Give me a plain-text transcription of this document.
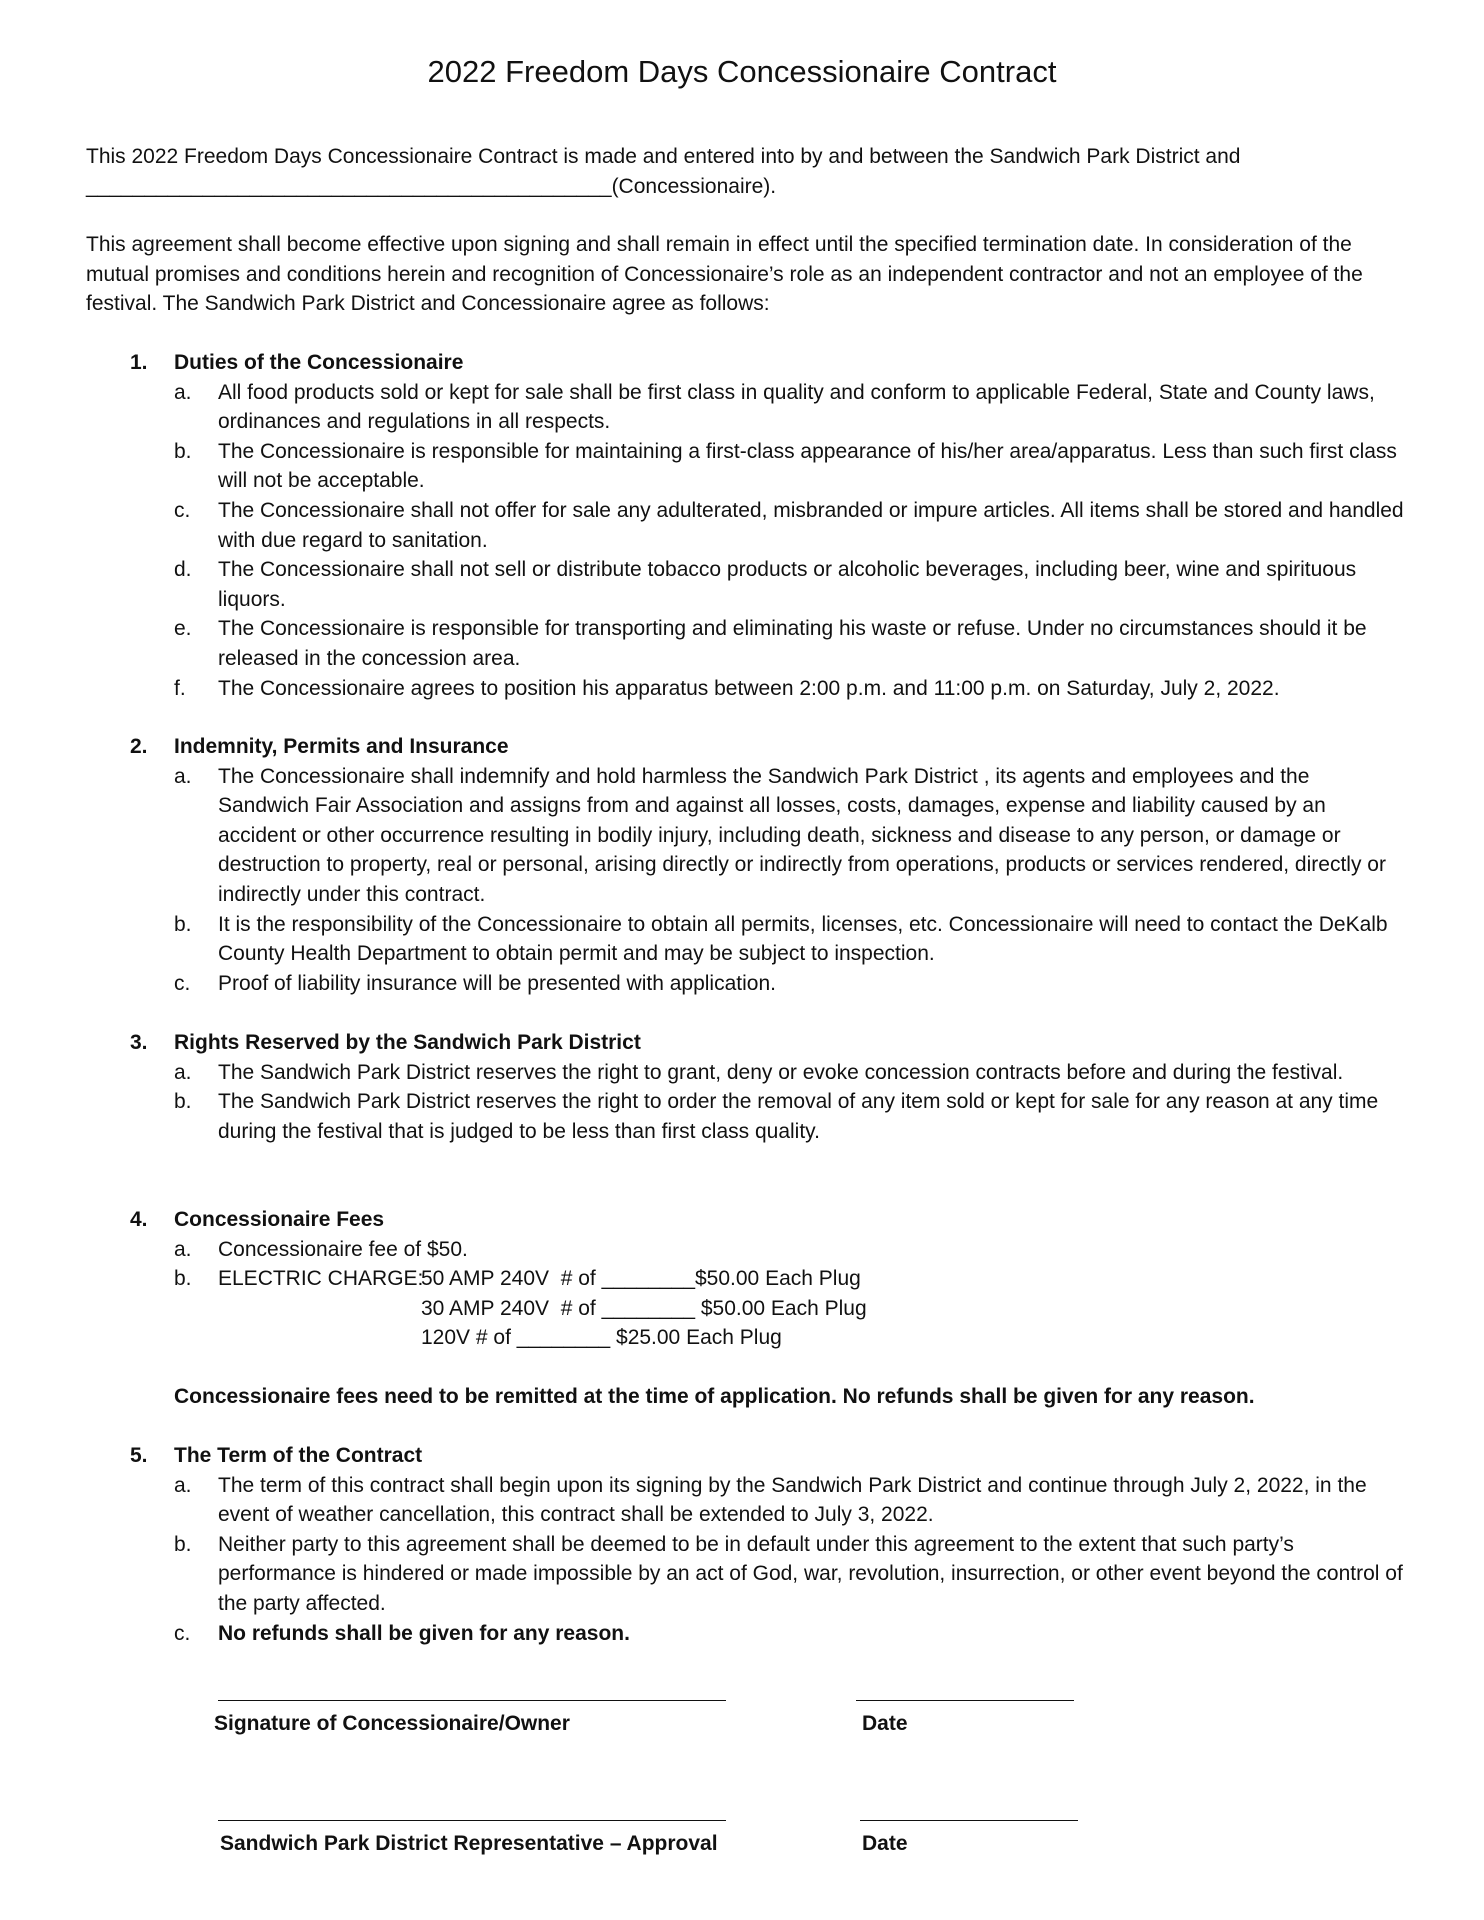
2022 Freedom Days Concessionaire Contract
This 2022 Freedom Days Concessionaire Contract is made and entered into by and between the Sandwich Park District and
_____________________________________________(Concessionaire).
This agreement shall become effective upon signing and shall remain in effect until the specified termination date. In consideration of the mutual promises and conditions herein and recognition of Concessionaire’s role as an independent contractor and not an employee of the festival. The Sandwich Park District and Concessionaire agree as follows:
1.	Duties of the Concessionaire
a. All food products sold or kept for sale shall be first class in quality and conform to applicable Federal, State and County laws, ordinances and regulations in all respects.
b. The Concessionaire is responsible for maintaining a first-class appearance of his/her area/apparatus. Less than such first class will not be acceptable.
c. The Concessionaire shall not offer for sale any adulterated, misbranded or impure articles. All items shall be stored and handled with due regard to sanitation.
d. The Concessionaire shall not sell or distribute tobacco products or alcoholic beverages, including beer, wine and spirituous liquors.
e. The Concessionaire is responsible for transporting and eliminating his waste or refuse. Under no circumstances should it be released in the concession area.
f. The Concessionaire agrees to position his apparatus between 2:00 p.m. and 11:00 p.m. on Saturday, July 2, 2022.
2.	Indemnity, Permits and Insurance
a. The Concessionaire shall indemnify and hold harmless the Sandwich Park District , its agents and employees and the Sandwich Fair Association and assigns from and against all losses, costs, damages, expense and liability caused by an accident or other occurrence resulting in bodily injury, including death, sickness and disease to any person, or damage or destruction to property, real or personal, arising directly or indirectly from operations, products or services rendered, directly or indirectly under this contract.
b. It is the responsibility of the Concessionaire to obtain all permits, licenses, etc. Concessionaire will need to contact the DeKalb County Health Department to obtain permit and may be subject to inspection.
c. Proof of liability insurance will be presented with application.
3.	Rights Reserved by the Sandwich Park District
a. The Sandwich Park District reserves the right to grant, deny or evoke concession contracts before and during the festival.
b. The Sandwich Park District reserves the right to order the removal of any item sold or kept for sale for any reason at any time during the festival that is judged to be less than first class quality.
4.	Concessionaire Fees
a. Concessionaire fee of $50.
b. ELECTRIC CHARGE:
50 AMP 240V  # of ________$50.00 Each Plug
30 AMP 240V  # of ________ $50.00 Each Plug
120V # of ________ $25.00 Each Plug
Concessionaire fees need to be remitted at the time of application. No refunds shall be given for any reason.
5.	The Term of the Contract
a. The term of this contract shall begin upon its signing by the Sandwich Park District and continue through July 2, 2022, in the event of weather cancellation, this contract shall be extended to July 3, 2022.
b. Neither party to this agreement shall be deemed to be in default under this agreement to the extent that such party’s performance is hindered or made impossible by an act of God, war, revolution, insurrection, or other event beyond the control of the party affected.
c. No refunds shall be given for any reason.
Signature of Concessionaire/Owner	Date
Sandwich Park District Representative – Approval	Date
